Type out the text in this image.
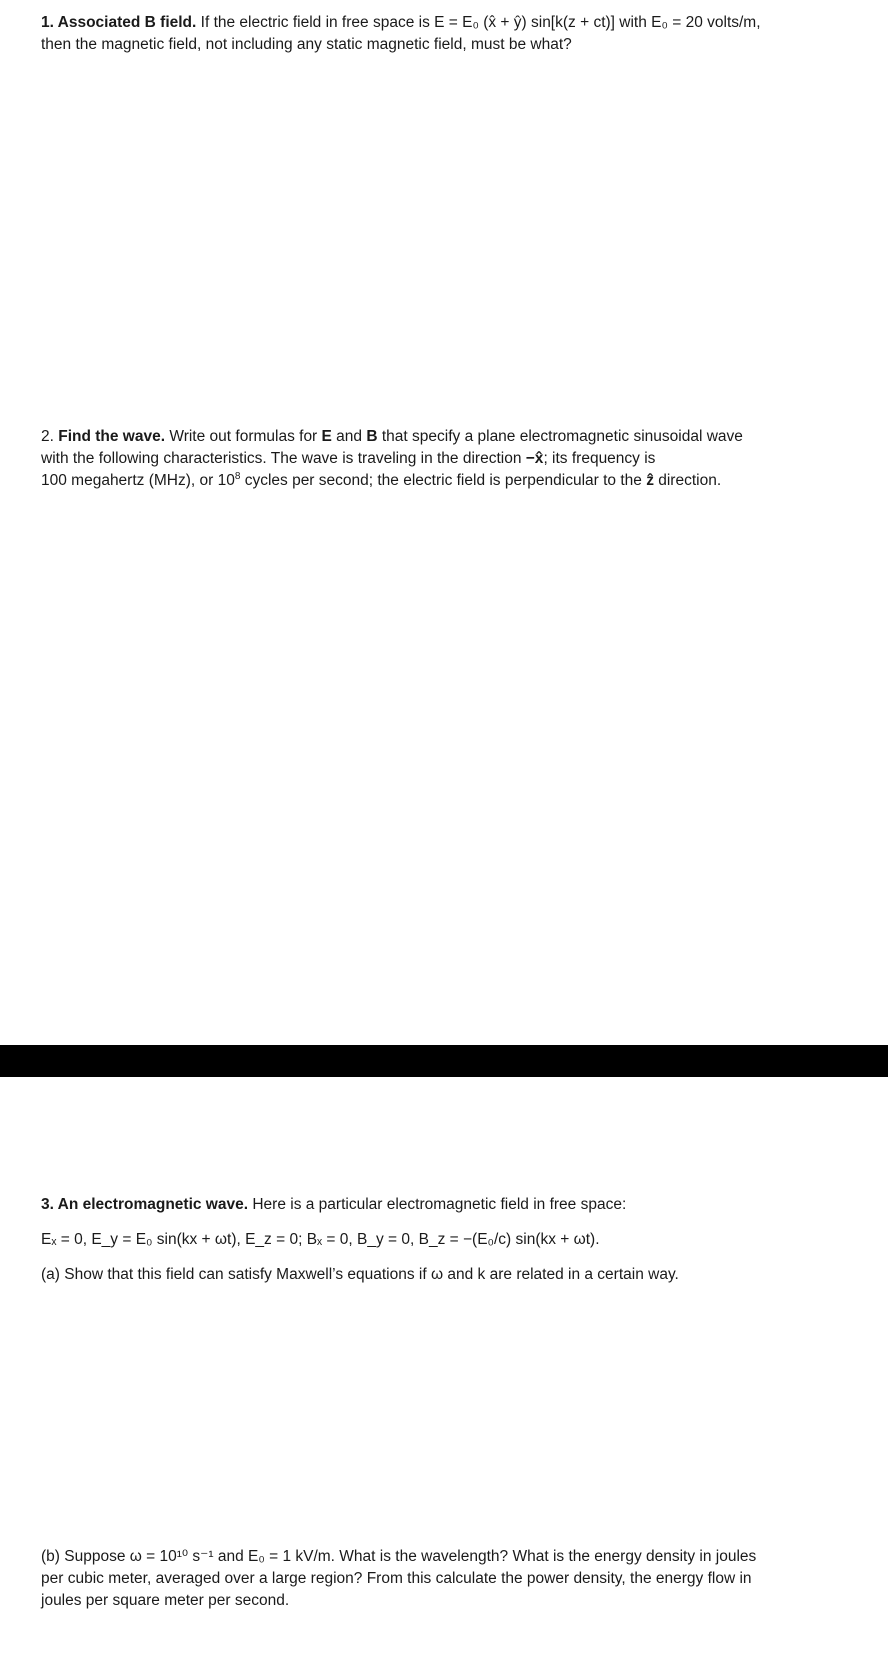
1. Associated B field. If the electric field in free space is E = E₀ (x̂ + ŷ) sin[k(z + ct)] with E₀ = 20 volts/m,

then the magnetic field, not including any static magnetic field, must be what?

2. Find the wave. Write out formulas for E and B that specify a plane electromagnetic sinusoidal wave

with the following characteristics. The wave is traveling in the direction −x̂; its frequency is

100 megahertz (MHz), or $10^8$ cycles per second; the electric field is perpendicular to the ẑ direction.

3. An electromagnetic wave. Here is a particular electromagnetic field in free space:

Eₓ = 0, E_y = E₀ sin(kx + ωt), E_z = 0; Bₓ = 0, B_y = 0, B_z = −(E₀/c) sin(kx + ωt).

(a) Show that this field can satisfy Maxwell’s equations if ω and k are related in a certain way.

(b) Suppose ω = 10¹⁰ s⁻¹ and E₀ = 1 kV/m. What is the wavelength? What is the energy density in joules

per cubic meter, averaged over a large region? From this calculate the power density, the energy flow in

joules per square meter per second.
